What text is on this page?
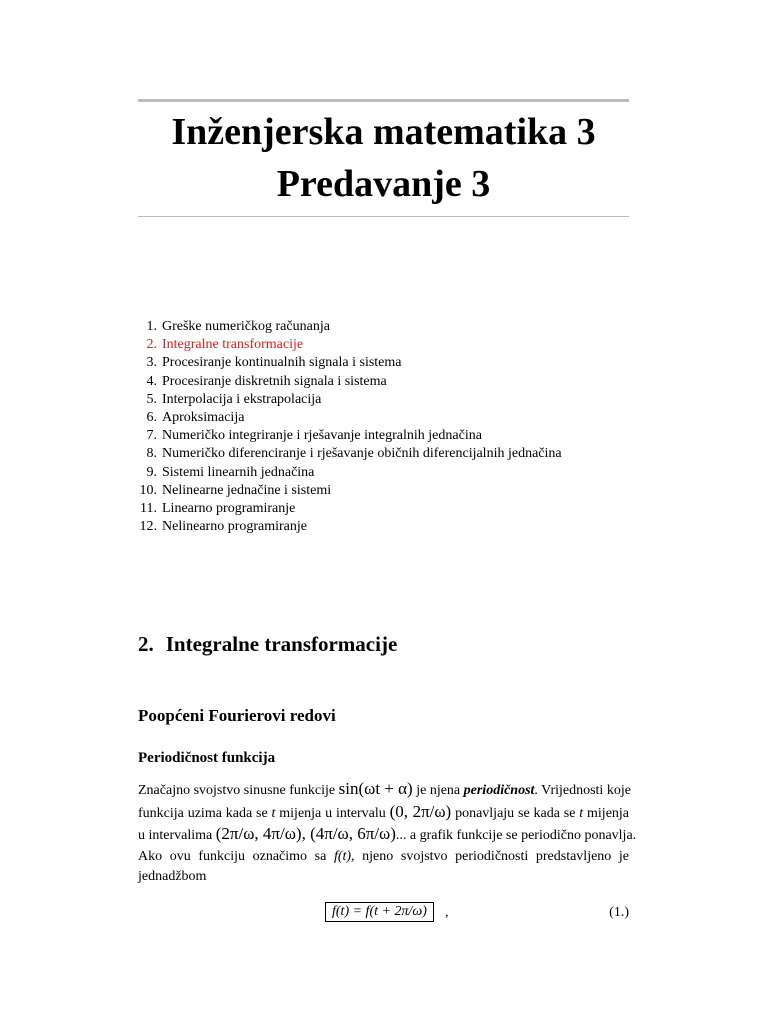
Inženjerska matematika 3
Predavanje 3
1. Greške numeričkog računanja
2. Integralne transformacije
3. Procesiranje kontinualnih signala i sistema
4. Procesiranje diskretnih signala i sistema
5. Interpolacija i ekstrapolacija
6. Aproksimacija
7. Numeričko integriranje i rješavanje integralnih jednačina
8. Numeričko diferenciranje i rješavanje običnih diferencijalnih jednačina
9. Sistemi linearnih jednačina
10. Nelinearne jednačine i sistemi
11. Linearno programiranje
12. Nelinearno programiranje
2. Integralne transformacije
Poopćeni Fourierovi redovi
Periodičnost funkcija
Značajno svojstvo sinusne funkcije sin(ωt + α) je njena periodičnost. Vrijednosti koje
funkcija uzima kada se t mijenja u intervalu (0, 2π/ω) ponavljaju se kada se t mijenja
u intervalima (2π/ω, 4π/ω), (4π/ω, 6π/ω)... a grafik funkcije se periodično ponavlja.
Ako ovu funkciju označimo sa f(t), njeno svojstvo periodičnosti predstavljeno je
jednadžbom
f(t) = f(t + 2π/ω)	,	(1.)
